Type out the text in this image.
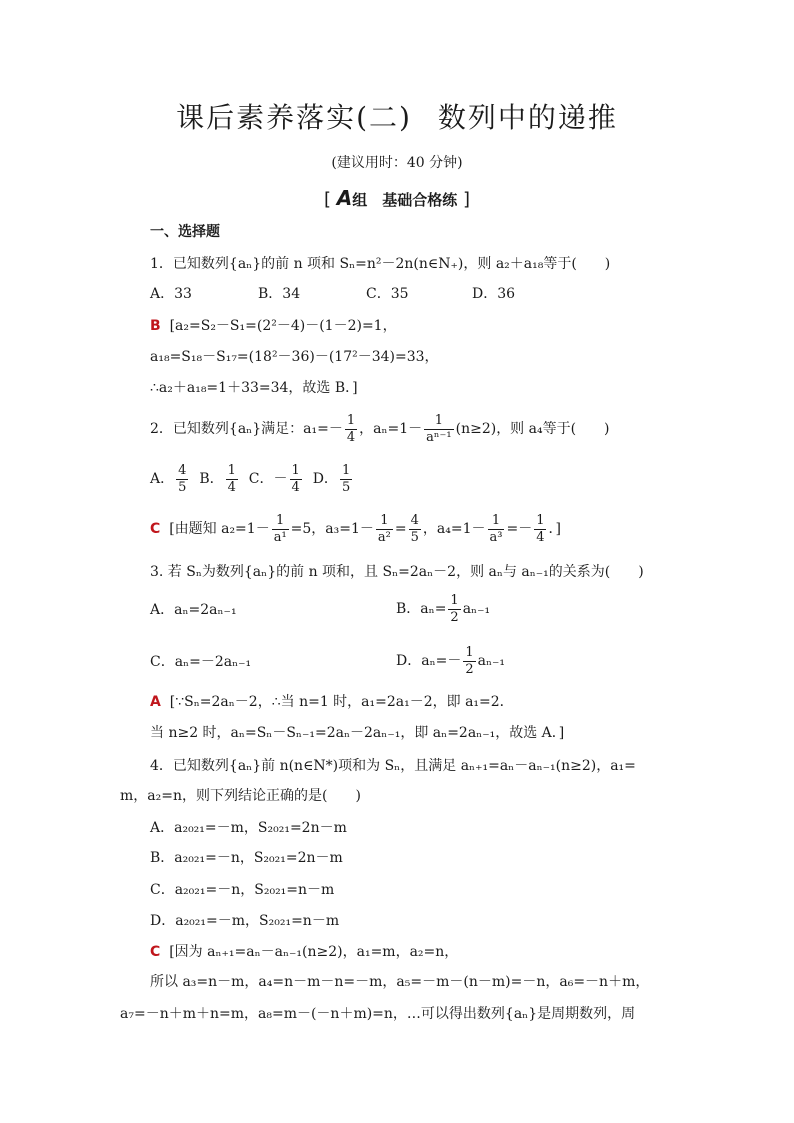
课后素养落实(二) 数列中的递推
(建议用时：40 分钟)
[ A组　 基础合格练 ]
一、选择题
1．已知数列{aₙ}的前 n 项和 Sₙ=n²－2n(n∈N₊)，则 a₂＋a₁₈等于(　　)
A．33	B．34	C．35	D．36
B [a₂=S₂－S₁=(2²－4)－(1－2)=1，
a₁₈=S₁₈－S₁₇=(18²－36)－(17²－34)=33，
∴a₂＋a₁₈=1＋33=34，故选 B．]
2．已知数列{aₙ}满足：$a_1=- \frac{1}{4}$ ，$a_n=1- \frac{1}{\text{aⁿ⁻¹}} (n\ge 2)$，则 a₄等于(　　)
A． $\frac{4}{5}$ B． $\frac{1}{4}$ C．－ $\frac{1}{4}$ D． $\frac{1}{5}$
C [由题知 $a_2=1- \frac{1}{\text{a¹}} =5$，$a_3=1- \frac{1}{\text{a²}} = \frac{4}{5}$ ，$a_4=1- \frac{1}{\text{a³}} =- \frac{1}{4}$ ．]
3. 若 Sₙ为数列{aₙ}的前 n 项和，且 Sₙ=2aₙ－2，则 aₙ与 aₙ₋₁的关系为(　　)
A．aₙ=2aₙ₋₁	B．$a_n= \frac{1}{2} a_{n-1}$
C．aₙ=－2aₙ₋₁	D．$a_n=- \frac{1}{2} a_{n-1}$
A [∵Sₙ=2aₙ－2，∴当 n=1 时，a₁=2a₁－2，即 a₁=2．
当 n≥2 时，aₙ=Sₙ－Sₙ₋₁=2aₙ－2aₙ₋₁，即 aₙ=2aₙ₋₁，故选 A．]
4．已知数列{aₙ}前 n(n∈N*)项和为 Sₙ，且满足 aₙ₊₁=aₙ－aₙ₋₁(n≥2)，a₁=
m，a₂=n，则下列结论正确的是(　　)
A．a₂₀₂₁=－m，S₂₀₂₁=2n－m
B．a₂₀₂₁=－n，S₂₀₂₁=2n－m
C．a₂₀₂₁=－n，S₂₀₂₁=n－m
D．a₂₀₂₁=－m，S₂₀₂₁=n－m
C [因为 aₙ₊₁=aₙ－aₙ₋₁(n≥2)，a₁=m，a₂=n，
所以 a₃=n－m，a₄=n－m－n=－m，a₅=－m－(n－m)=－n，a₆=－n＋m，
a₇=－n＋m＋n=m，a₈=m－(－n＋m)=n，…可以得出数列{aₙ}是周期数列，周
